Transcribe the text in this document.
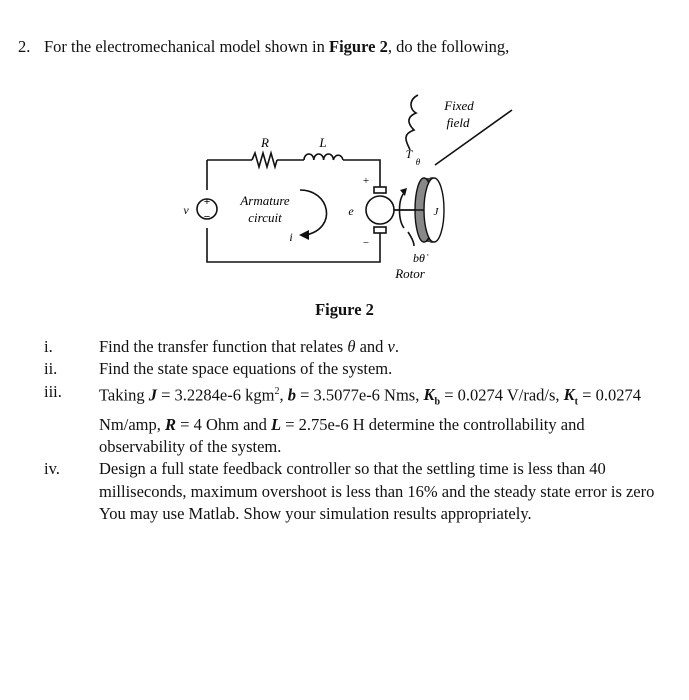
2. For the electromechanical model shown in Figure 2, do the following,
+
−
R	L
v
Armature
circuit
i
e
+
−
T
θ
J
bθ̇
Rotor
Fixed
field
Figure 2
i.	Find the transfer function that relates θ and v.
ii.	Find the state space equations of the system.
iii.	Taking J = 3.2284e-6 kgm$^2$, b = 3.5077e-6 Nms, $K_b = 0.0274$ V/rad/s, $K_t = 0.0274$ Nm/amp, R = 4 Ohm and L = 2.75e-6 H determine the controllability and observability of the system.
iv.	Design a full state feedback controller so that the settling time is less than 40 milliseconds, maximum overshoot is less than 16% and the steady state error is zero You may use Matlab. Show your simulation results appropriately.
